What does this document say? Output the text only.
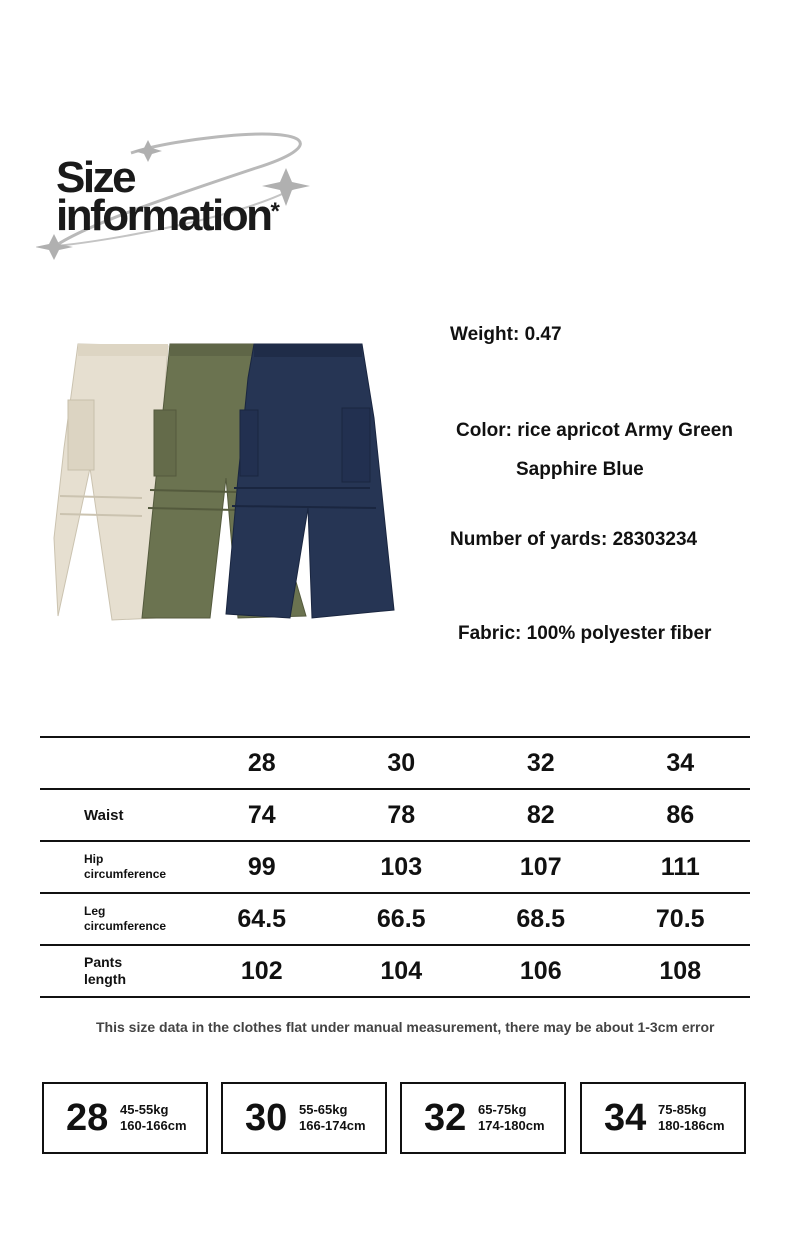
Size
information*
Weight: 0.47
Color: rice apricot Army Green
Sapphire Blue
Number of yards: 28303234
Fabric: 100% polyester fiber
	28	30	32	34
Waist	74	78	82	86
Hip
circumference	99	103	107	111
Leg
circumference	64.5	66.5	68.5	70.5
Pants
length	102	104	106	108
This size data in the clothes flat under manual measurement, there may be about 1-3cm error
28 45-55kg
160-166cm 30 55-65kg
166-174cm 32 65-75kg
174-180cm 34 75-85kg
180-186cm
